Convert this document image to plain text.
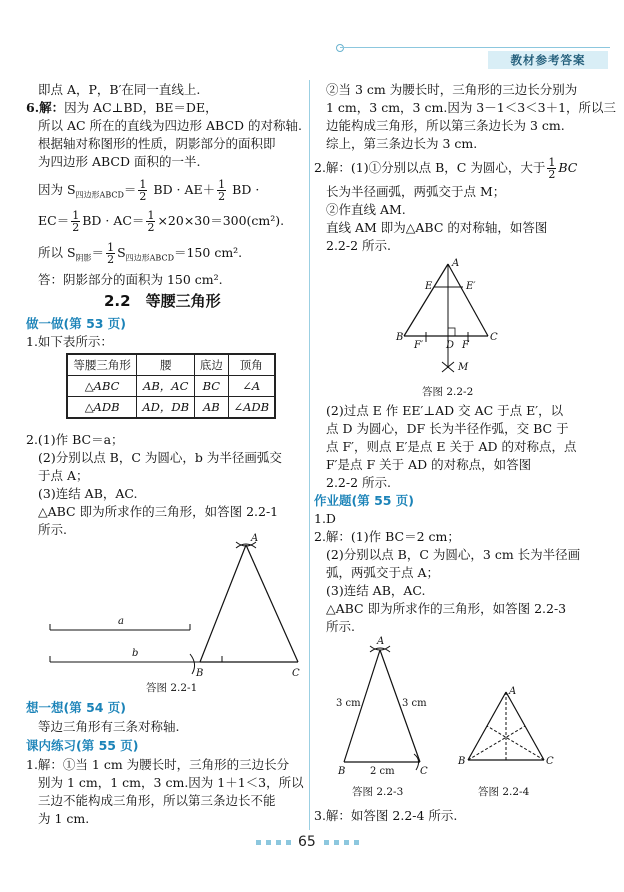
教材参考答案
即点 A，P，B′在同一直线上.
6.解：因为 AC⊥BD，BE＝DE，
所以 AC 所在的直线为四边形 ABCD 的对称轴.
根据轴对称图形的性质，阴影部分的面积即
为四边形 ABCD 面积的一半.
因为 $S_{四边形ABCD}= \frac{1}{2}$ BD · $AE+ \frac{1}{2}$ BD ·
$EC= \frac{1}{2}$ BD · $AC= \frac{1}{2} \times 20\times 30=300(cm^2)$.
所以 $S_{阴影}= \frac{1}{2} S_{四边形ABCD}=150$ cm².
答：阴影部分的面积为 150 cm².
2.2　等腰三角形
做一做(第 53 页)
1.如下表所示：
等腰三角形	腰	底边	顶角
△ABC	AB，AC	BC	∠A
△ADB	AD，DB	AB	∠ADB
2.(1)作 BC＝a；
(2)分别以点 B，C 为圆心，b 为半径画弧交
于点 A；
(3)连结 AB，AC.
△ABC 即为所求作的三角形，如答图 2.2-1
所示.
a
b
A
B	C
答图 2.2-1
想一想(第 54 页)
等边三角形有三条对称轴.
课内练习(第 55 页)
1.解：①当 1 cm 为腰长时，三角形的三边长分
别为 1 cm，1 cm，3 cm.因为 1＋1＜3，所以
三边不能构成三角形，所以第三条边长不能
为 1 cm.
②当 3 cm 为腰长时，三角形的三边长分别为
1 cm，3 cm，3 cm.因为 3－1＜3＜3＋1，所以三
边能构成三角形，所以第三条边长为 3 cm.
综上，第三条边长为 3 cm.
2.解：(1)①分别以点 B，C 为圆心，大于 $\frac{1}{2}$ BC
长为半径画弧，两弧交于点 M；
②作直线 AM.
直线 AM 即为△ABC 的对称轴，如答图
2.2-2 所示.
A
E	E′
B
F′ D F
C
M
答图 2.2-2
(2)过点 E 作 EE′⊥AD 交 AC 于点 E′，以
点 D 为圆心，DF 长为半径作弧，交 BC 于
点 F′，则点 E′是点 E 关于 AD 的对称点，点
F′是点 F 关于 AD 的对称点，如答图
2.2-2 所示.
作业题(第 55 页)
1.D
2.解：(1)作 BC＝2 cm；
(2)分别以点 B，C 为圆心，3 cm 长为半径画
弧，两弧交于点 A；
(3)连结 AB，AC.
△ABC 即为所求作的三角形，如答图 2.2-3
所示.
A
B	C
3 cm	3 cm
2 cm
答图 2.2-3
A
B	C
答图 2.2-4
3.解：如答图 2.2-4 所示.
65
